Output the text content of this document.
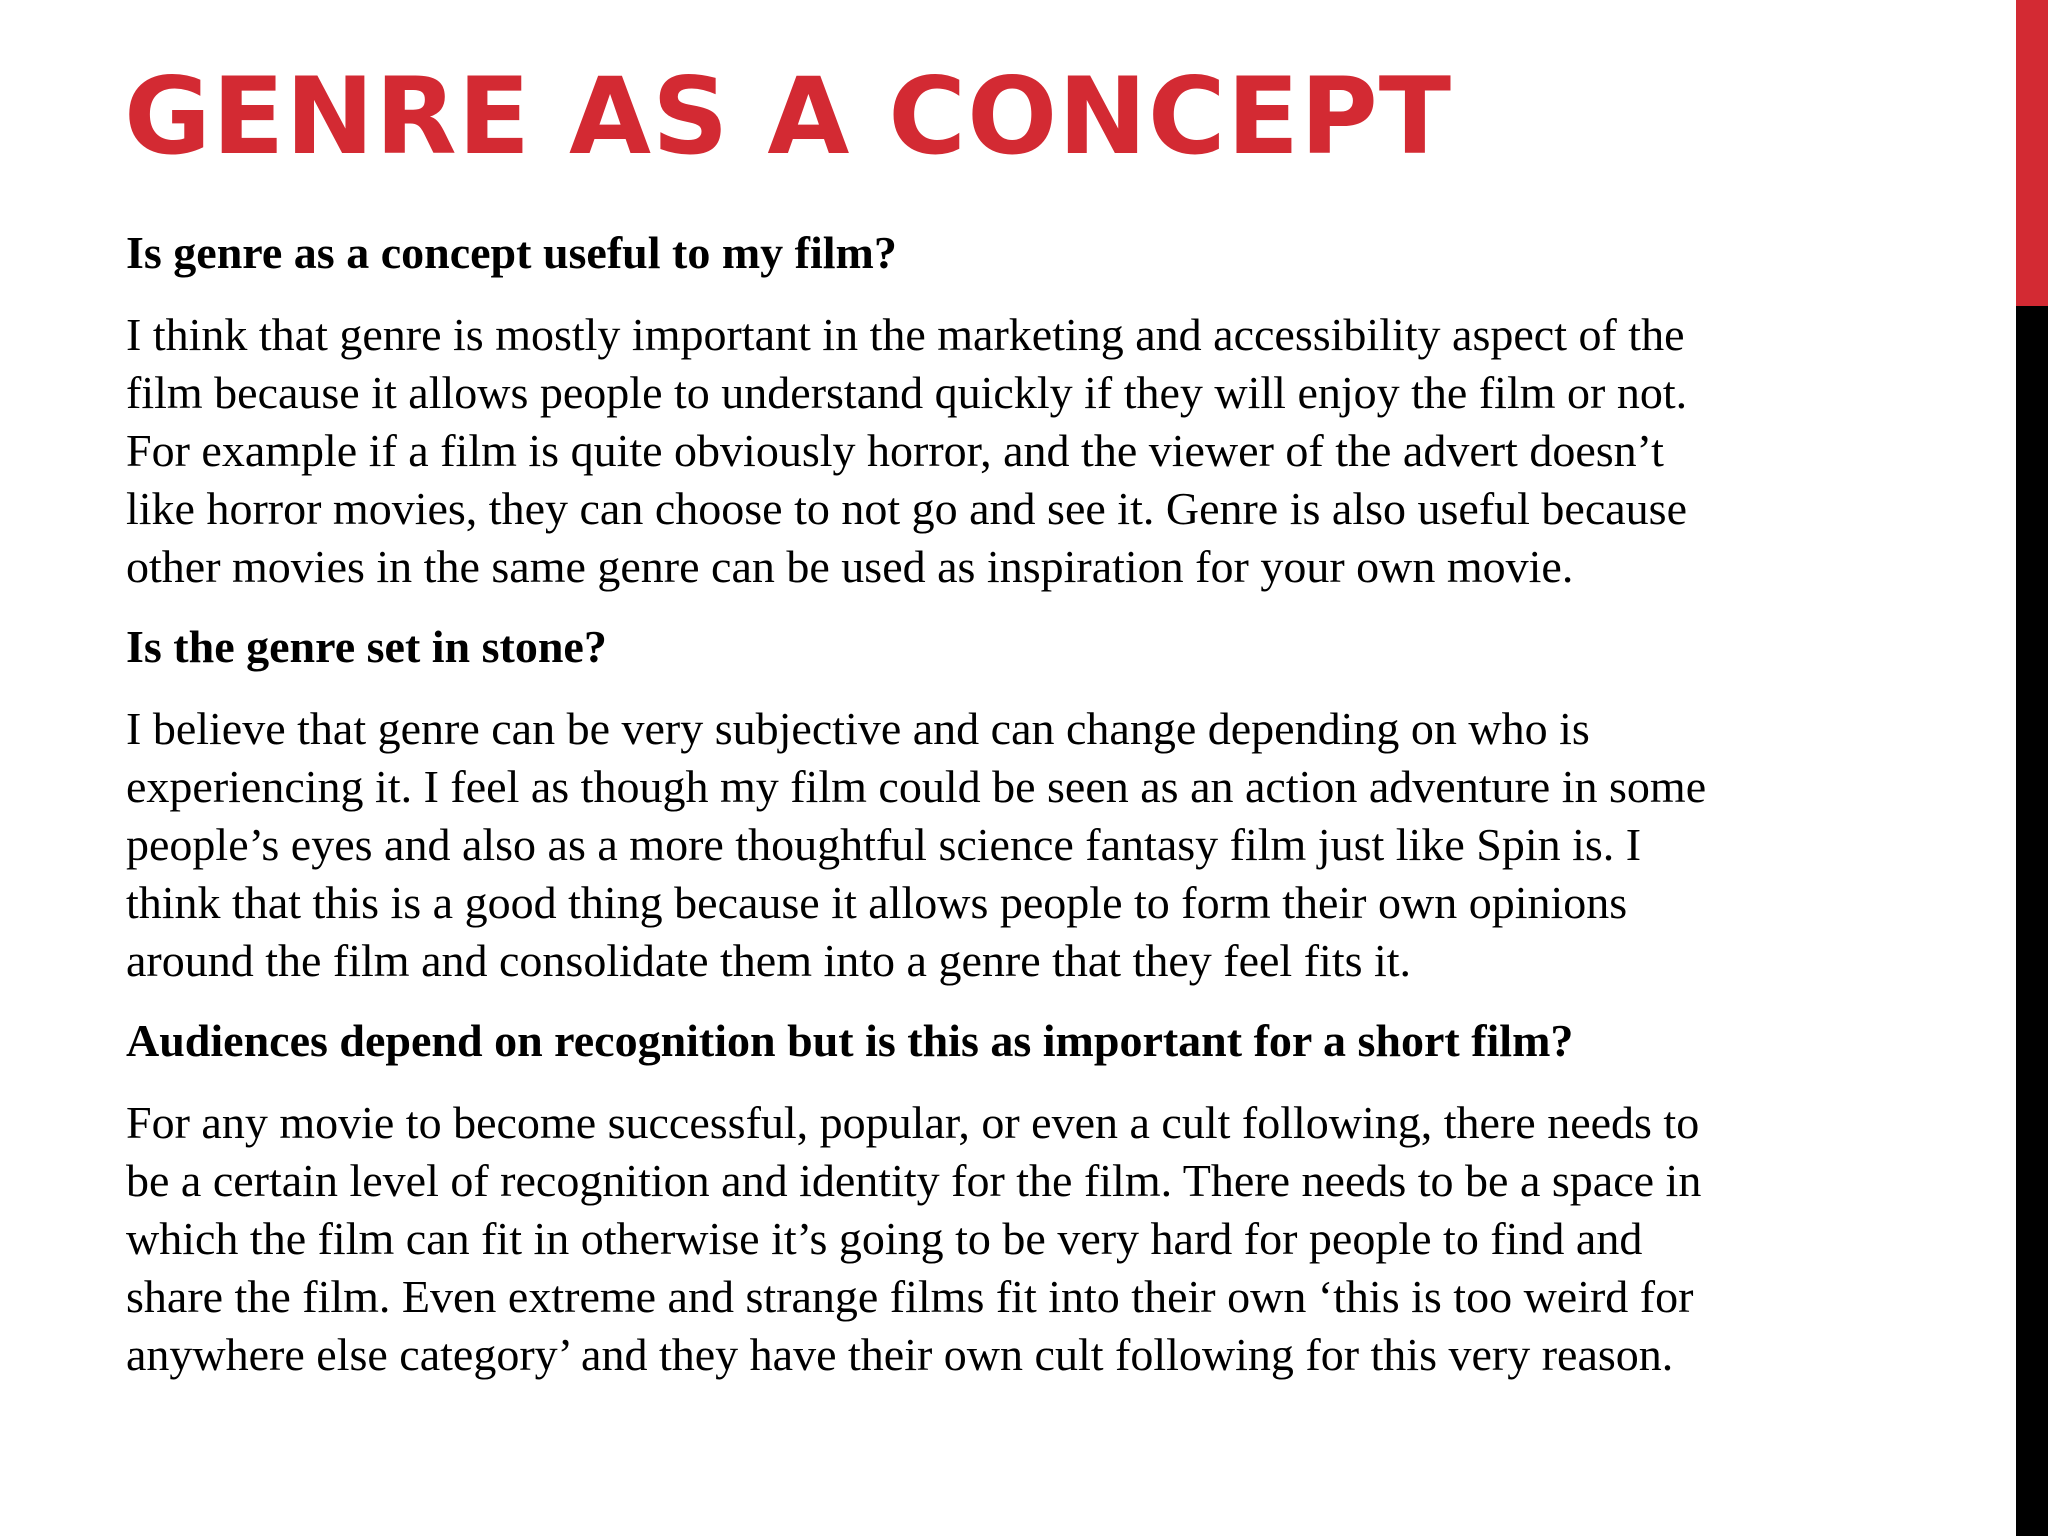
GENRE AS A CONCEPT

Is genre as a concept useful to my film?

I think that genre is mostly important in the marketing and accessibility aspect of the
film because it allows people to understand quickly if they will enjoy the film or not.
For example if a film is quite obviously horror, and the viewer of the advert doesn’t
like horror movies, they can choose to not go and see it. Genre is also useful because
other movies in the same genre can be used as inspiration for your own movie.

Is the genre set in stone?

I believe that genre can be very subjective and can change depending on who is
experiencing it. I feel as though my film could be seen as an action adventure in some
people’s eyes and also as a more thoughtful science fantasy film just like Spin is. I
think that this is a good thing because it allows people to form their own opinions
around the film and consolidate them into a genre that they feel fits it.

Audiences depend on recognition but is this as important for a short film?

For any movie to become successful, popular, or even a cult following, there needs to
be a certain level of recognition and identity for the film. There needs to be a space in
which the film can fit in otherwise it’s going to be very hard for people to find and
share the film. Even extreme and strange films fit into their own ‘this is too weird for
anywhere else category’ and they have their own cult following for this very reason.
